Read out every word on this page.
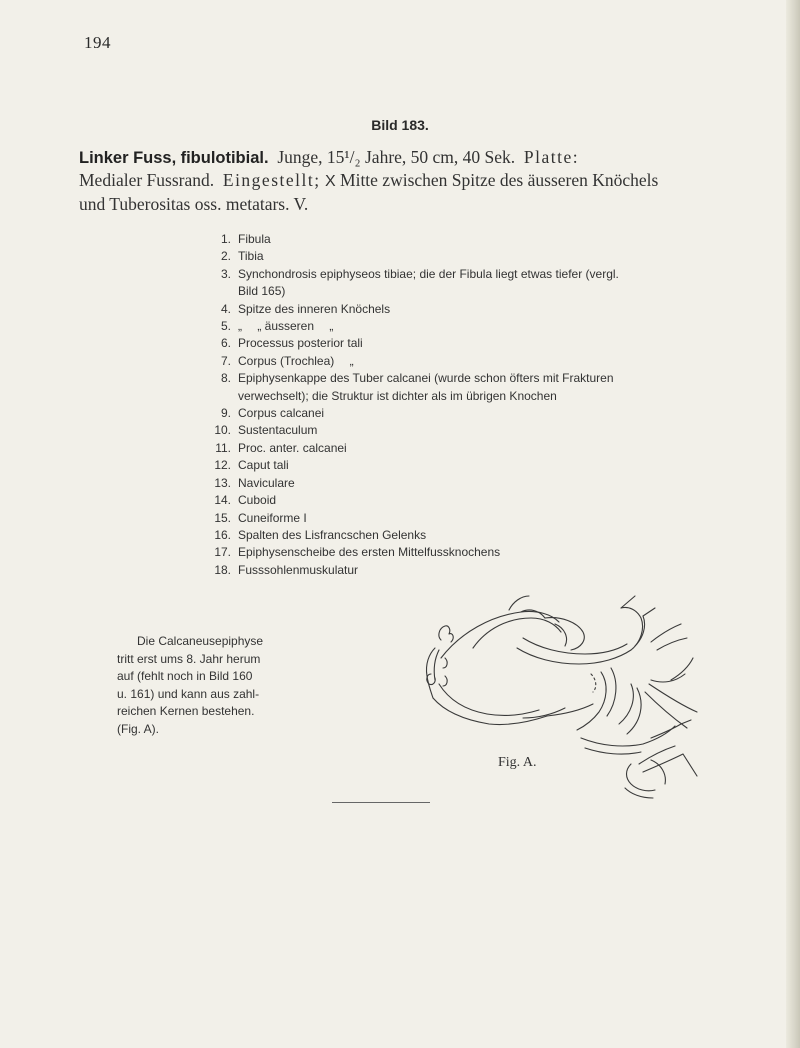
194
Bild 183.

Linker Fuss, fibulotibial. Junge, 15¹/₂ Jahre, 50 cm, 40 Sek. Platte:

Medialer Fussrand. Eingestellt; X Mitte zwischen Spitze des äusseren Knöchels

und Tuberositas oss. metatars. V.

1. Fibula
2. Tibia
3. Synchondrosis epiphyseos tibiae; die der Fibula liegt etwas tiefer (vergl. Bild 165)
4. Spitze des inneren Knöchels
5. „  „ äusseren  „
6. Processus posterior tali
7. Corpus (Trochlea)  „
8. Epiphysenkappe des Tuber calcanei (wurde schon öfters mit Frakturen verwechselt); die Struktur ist dichter als im übrigen Knochen
9. Corpus calcanei
10. Sustentaculum
11. Proc. anter. calcanei
12. Caput tali
13. Naviculare
14. Cuboid
15. Cuneiforme I
16. Spalten des Lisfrancschen Gelenks
17. Epiphysenscheibe des ersten Mittelfussknochens
18. Fusssohlenmuskulatur

Die Calcaneusepiphyse

tritt erst ums 8. Jahr herum

auf (fehlt noch in Bild 160

u. 161) und kann aus zahl-

reichen Kernen bestehen.

(Fig. A).

Fig. A.
